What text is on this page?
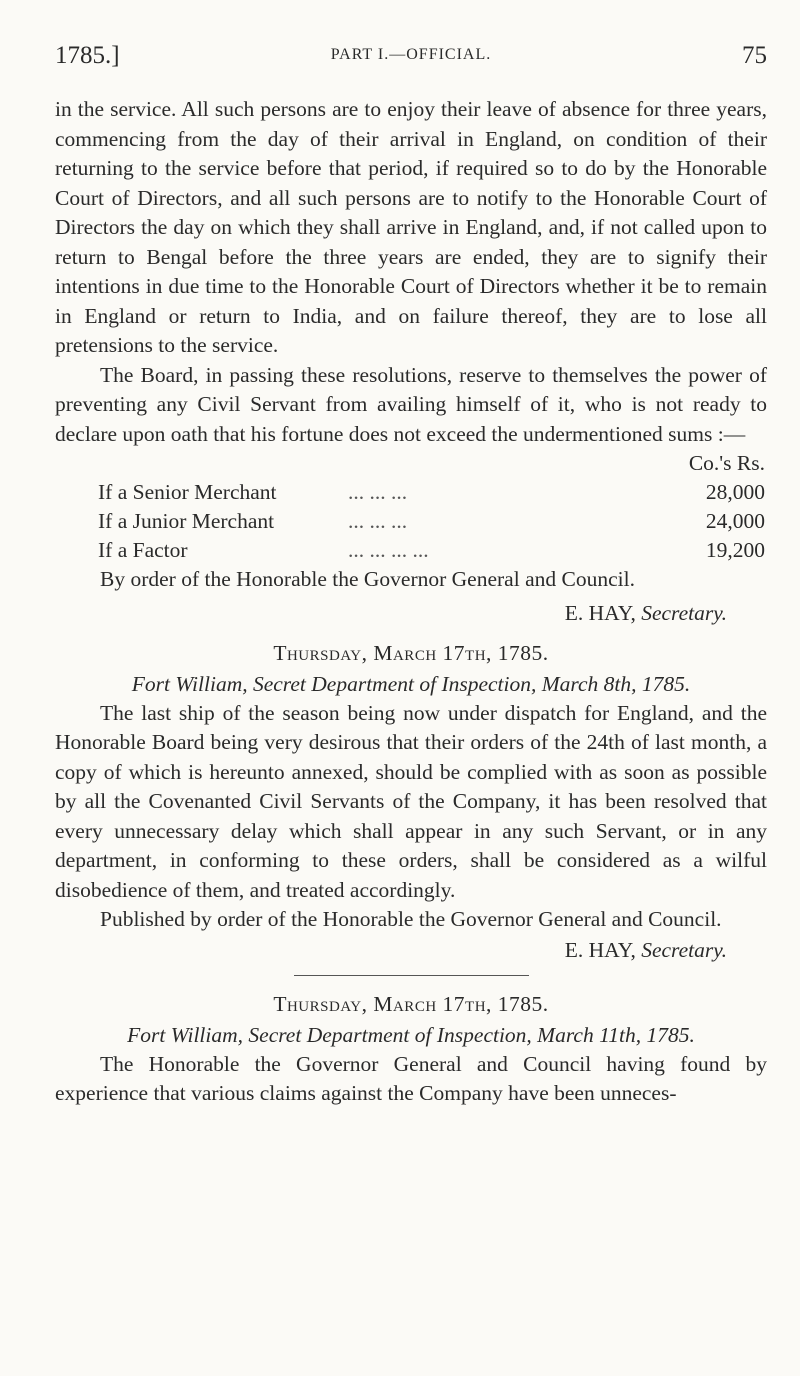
1785.]	PART I.—OFFICIAL.	75

in the service. All such persons are to enjoy their leave of absence for three years, commencing from the day of their arrival in England, on condition of their returning to the service before that period, if required so to do by the Honorable Court of Directors, and all such persons are to notify to the Honorable Court of Directors the day on which they shall arrive in England, and, if not called upon to return to Bengal before the three years are ended, they are to signify their intentions in due time to the Honorable Court of Directors whether it be to remain in England or return to India, and on failure thereof, they are to lose all pretensions to the service.

The Board, in passing these resolutions, reserve to themselves the power of preventing any Civil Servant from availing himself of it, who is not ready to declare upon oath that his fortune does not exceed the undermentioned sums :—

Co.'s Rs.
If a Senior Merchant	... ... ...	28,000
If a Junior Merchant	... ... ...	24,000
If a Factor	... ... ... ...	19,200

By order of the Honorable the Governor General and Council.

E. HAY, Secretary.
Thursday, March 17th, 1785.
Fort William, Secret Department of Inspection, March 8th, 1785.

The last ship of the season being now under dispatch for England, and the Honorable Board being very desirous that their orders of the 24th of last month, a copy of which is hereunto annexed, should be complied with as soon as possible by all the Covenanted Civil Servants of the Company, it has been resolved that every unnecessary delay which shall appear in any such Servant, or in any department, in conforming to these orders, shall be considered as a wilful disobedience of them, and treated accordingly.

Published by order of the Honorable the Governor General and Council.

E. HAY, Secretary.
Thursday, March 17th, 1785.
Fort William, Secret Department of Inspection, March 11th, 1785.

The Honorable the Governor General and Council having found by experience that various claims against the Company have been unneces-
